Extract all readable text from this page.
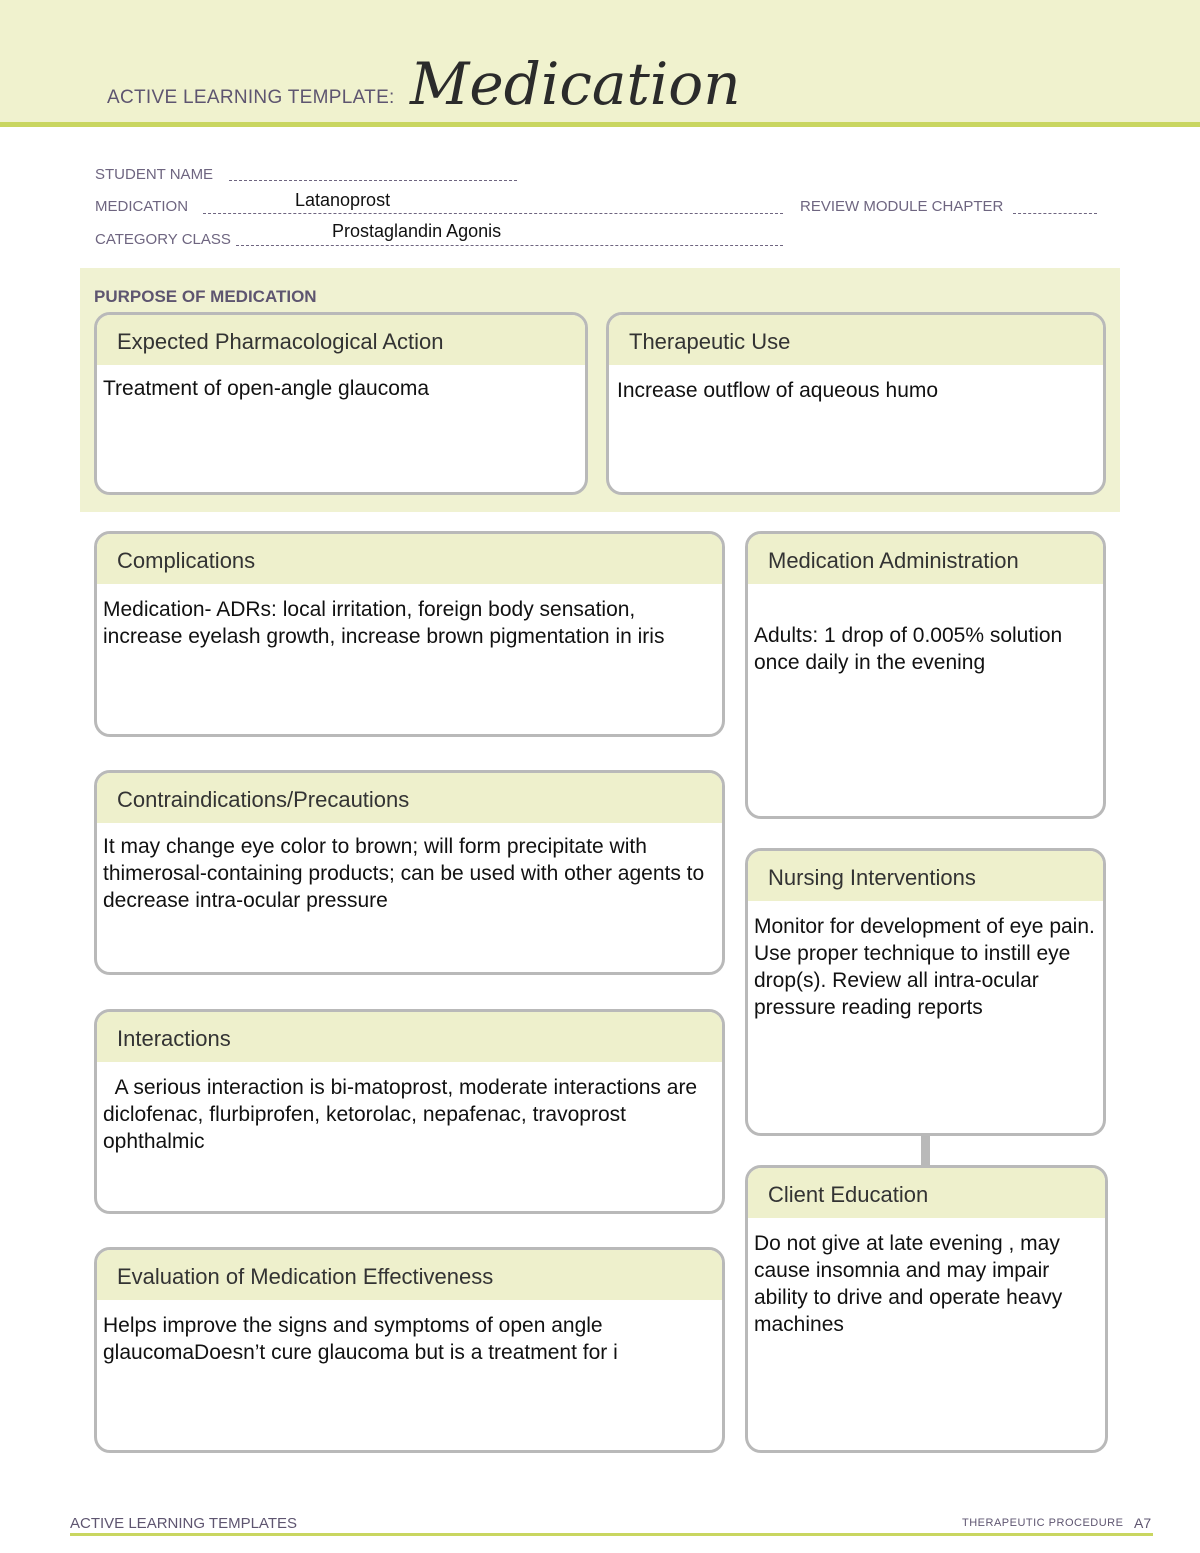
ACTIVE LEARNING TEMPLATE: Medication
STUDENT NAME
MEDICATION	Latanoprost	REVIEW MODULE CHAPTER
CATEGORY CLASS	Prostaglandin Agonis
PURPOSE OF MEDICATION
Expected Pharmacological Action
Treatment of open-angle glaucoma
Therapeutic Use
Increase outflow of aqueous humo
Complications
Medication- ADRs: local irritation, foreign body sensation, increase eyelash growth, increase brown pigmentation in iris
Contraindications/Precautions
It may change eye color to brown; will form precipitate with thimerosal-containing products; can be used with other agents to decrease intra-ocular pressure
Interactions
A serious interaction is bi-matoprost, moderate interactions are diclofenac, flurbiprofen, ketorolac, nepafenac, travoprost ophthalmic
Evaluation of Medication Effectiveness
Helps improve the signs and symptoms of open angle glaucomaDoesn’t cure glaucoma but is a treatment for i
Medication Administration
Adults: 1 drop of 0.005% solution once daily in the evening
Nursing Interventions
Monitor for development of eye pain. Use proper technique to instill eye drop(s). Review all intra-ocular pressure reading reports
Client Education
Do not give at late evening , may cause insomnia and may impair ability to drive and operate heavy machines
ACTIVE LEARNING TEMPLATES	THERAPEUTIC PROCEDURE A7
